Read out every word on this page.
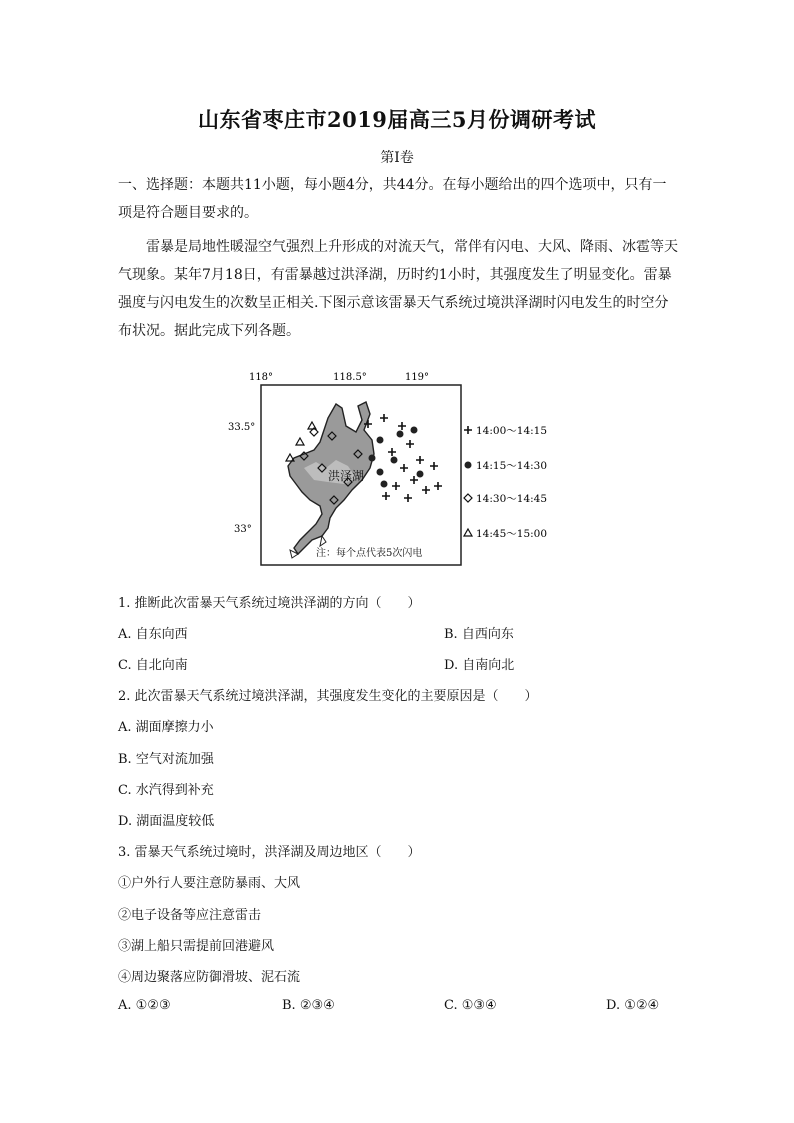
山东省枣庄市2019届高三5月份调研考试
第Ⅰ卷

一、选择题：本题共11小题，每小题4分，共44分。在每小题给出的四个选项中，只有一项是符合题目要求的。

雷暴是局地性暖湿空气强烈上升形成的对流天气，常伴有闪电、大风、降雨、冰雹等天气现象。某年7月18日，有雷暴越过洪泽湖，历时约1小时，其强度发生了明显变化。雷暴强度与闪电发生的次数呈正相关.下图示意该雷暴天气系统过境洪泽湖时闪电发生的时空分布状况。据此完成下列各题。

118°	118.5°	119°
33.5°
33°
洪泽湖
注：每个点代表5次闪电
14:00～14:15
14:15～14:30
14:30～14:45
14:45～15:00
1. 推断此次雷暴天气系统过境洪泽湖的方向（　　）
A. 自东向西	B. 自西向东
C. 自北向南	D. 自南向北
2. 此次雷暴天气系统过境洪泽湖，其强度发生变化的主要原因是（　　）
A. 湖面摩擦力小
B. 空气对流加强
C. 水汽得到补充
D. 湖面温度较低
3. 雷暴天气系统过境时，洪泽湖及周边地区（　　）
①户外行人要注意防暴雨、大风
②电子设备等应注意雷击
③湖上船只需提前回港避风
④周边聚落应防御滑坡、泥石流
A. ①②③	B. ②③④	C. ①③④	D. ①②④
